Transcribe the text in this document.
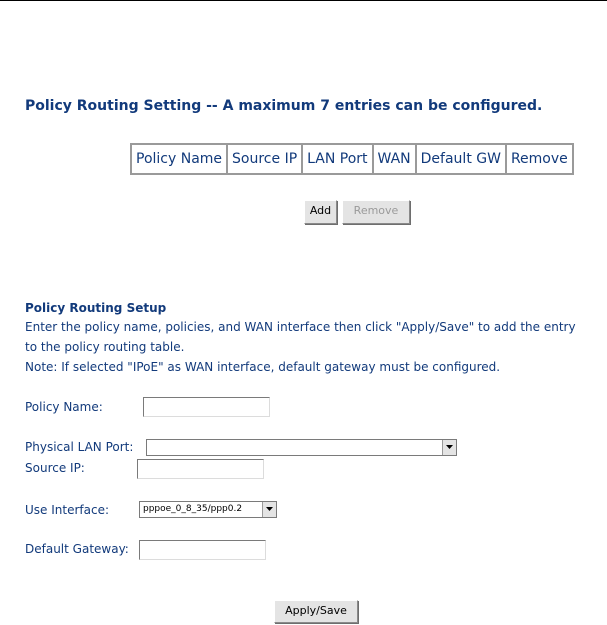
Policy Routing Setting -- A maximum 7 entries can be configured.
Policy Name	Source IP	LAN Port	WAN	Default GW	Remove
Add	Remove
Policy Routing Setup
Enter the policy name, policies, and WAN interface then click "Apply/Save" to add the entry
to the policy routing table.
Note: If selected "IPoE" as WAN interface, default gateway must be configured.
Policy Name:
Physical LAN Port:
Source IP:
Use Interface:	pppoe_0_8_35/ppp0.2
Default Gateway:
Apply/Save
